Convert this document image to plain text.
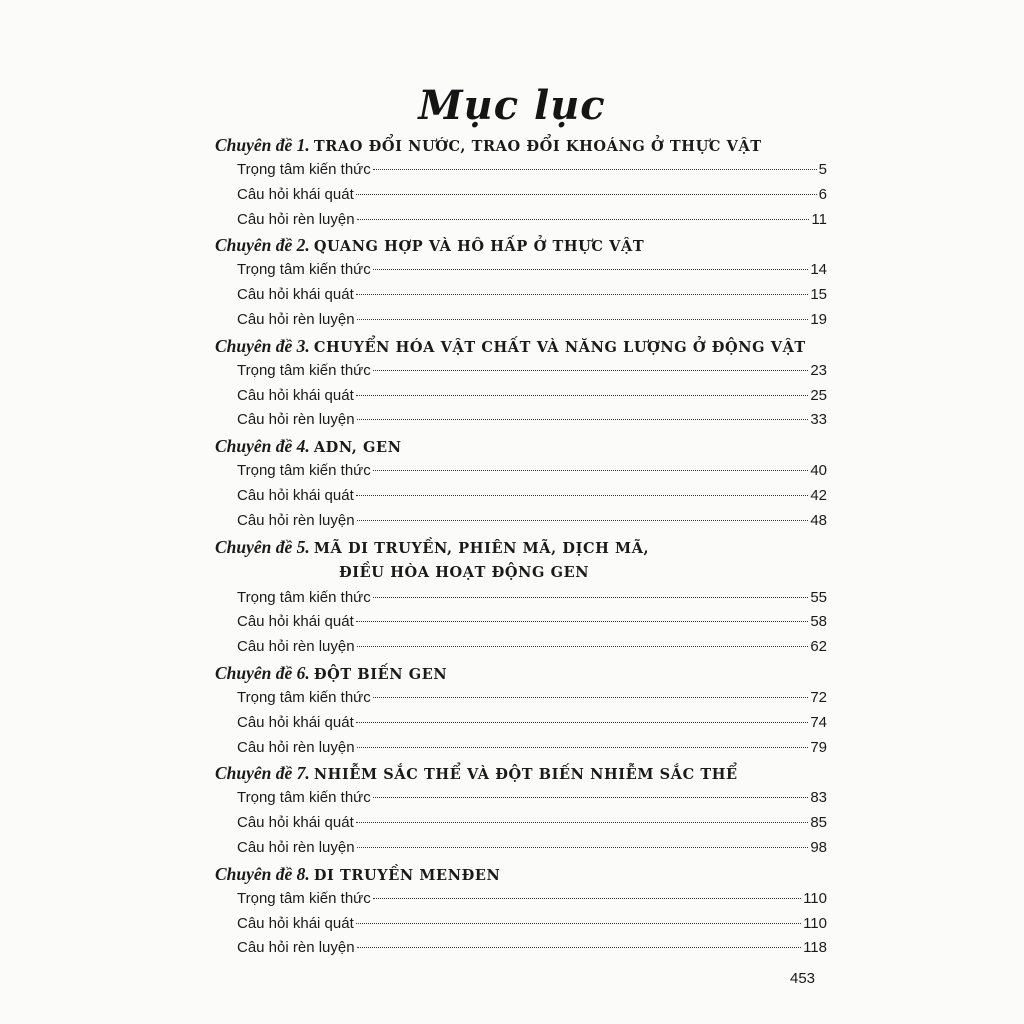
Mục lục
Chuyên đề 1. TRAO ĐỔI NƯỚC, TRAO ĐỔI KHOÁNG Ở THỰC VẬT
Trọng tâm kiến thức	5
Câu hỏi khái quát	6
Câu hỏi rèn luyện	11
Chuyên đề 2. QUANG HỢP VÀ HÔ HẤP Ở THỰC VẬT
Trọng tâm kiến thức	14
Câu hỏi khái quát	15
Câu hỏi rèn luyện	19
Chuyên đề 3. CHUYỂN HÓA VẬT CHẤT VÀ NĂNG LƯỢNG Ở ĐỘNG VẬT
Trọng tâm kiến thức	23
Câu hỏi khái quát	25
Câu hỏi rèn luyện	33
Chuyên đề 4. ADN, GEN
Trọng tâm kiến thức	40
Câu hỏi khái quát	42
Câu hỏi rèn luyện	48
Chuyên đề 5. MÃ DI TRUYỀN, PHIÊN MÃ, DỊCH MÃ,
ĐIỀU HÒA HOẠT ĐỘNG GEN
Trọng tâm kiến thức	55
Câu hỏi khái quát	58
Câu hỏi rèn luyện	62
Chuyên đề 6. ĐỘT BIẾN GEN
Trọng tâm kiến thức	72
Câu hỏi khái quát	74
Câu hỏi rèn luyện	79
Chuyên đề 7. NHIỄM SẮC THỂ VÀ ĐỘT BIẾN NHIỄM SẮC THỂ
Trọng tâm kiến thức	83
Câu hỏi khái quát	85
Câu hỏi rèn luyện	98
Chuyên đề 8. DI TRUYỀN MENĐEN
Trọng tâm kiến thức	110
Câu hỏi khái quát	110
Câu hỏi rèn luyện	118
453
